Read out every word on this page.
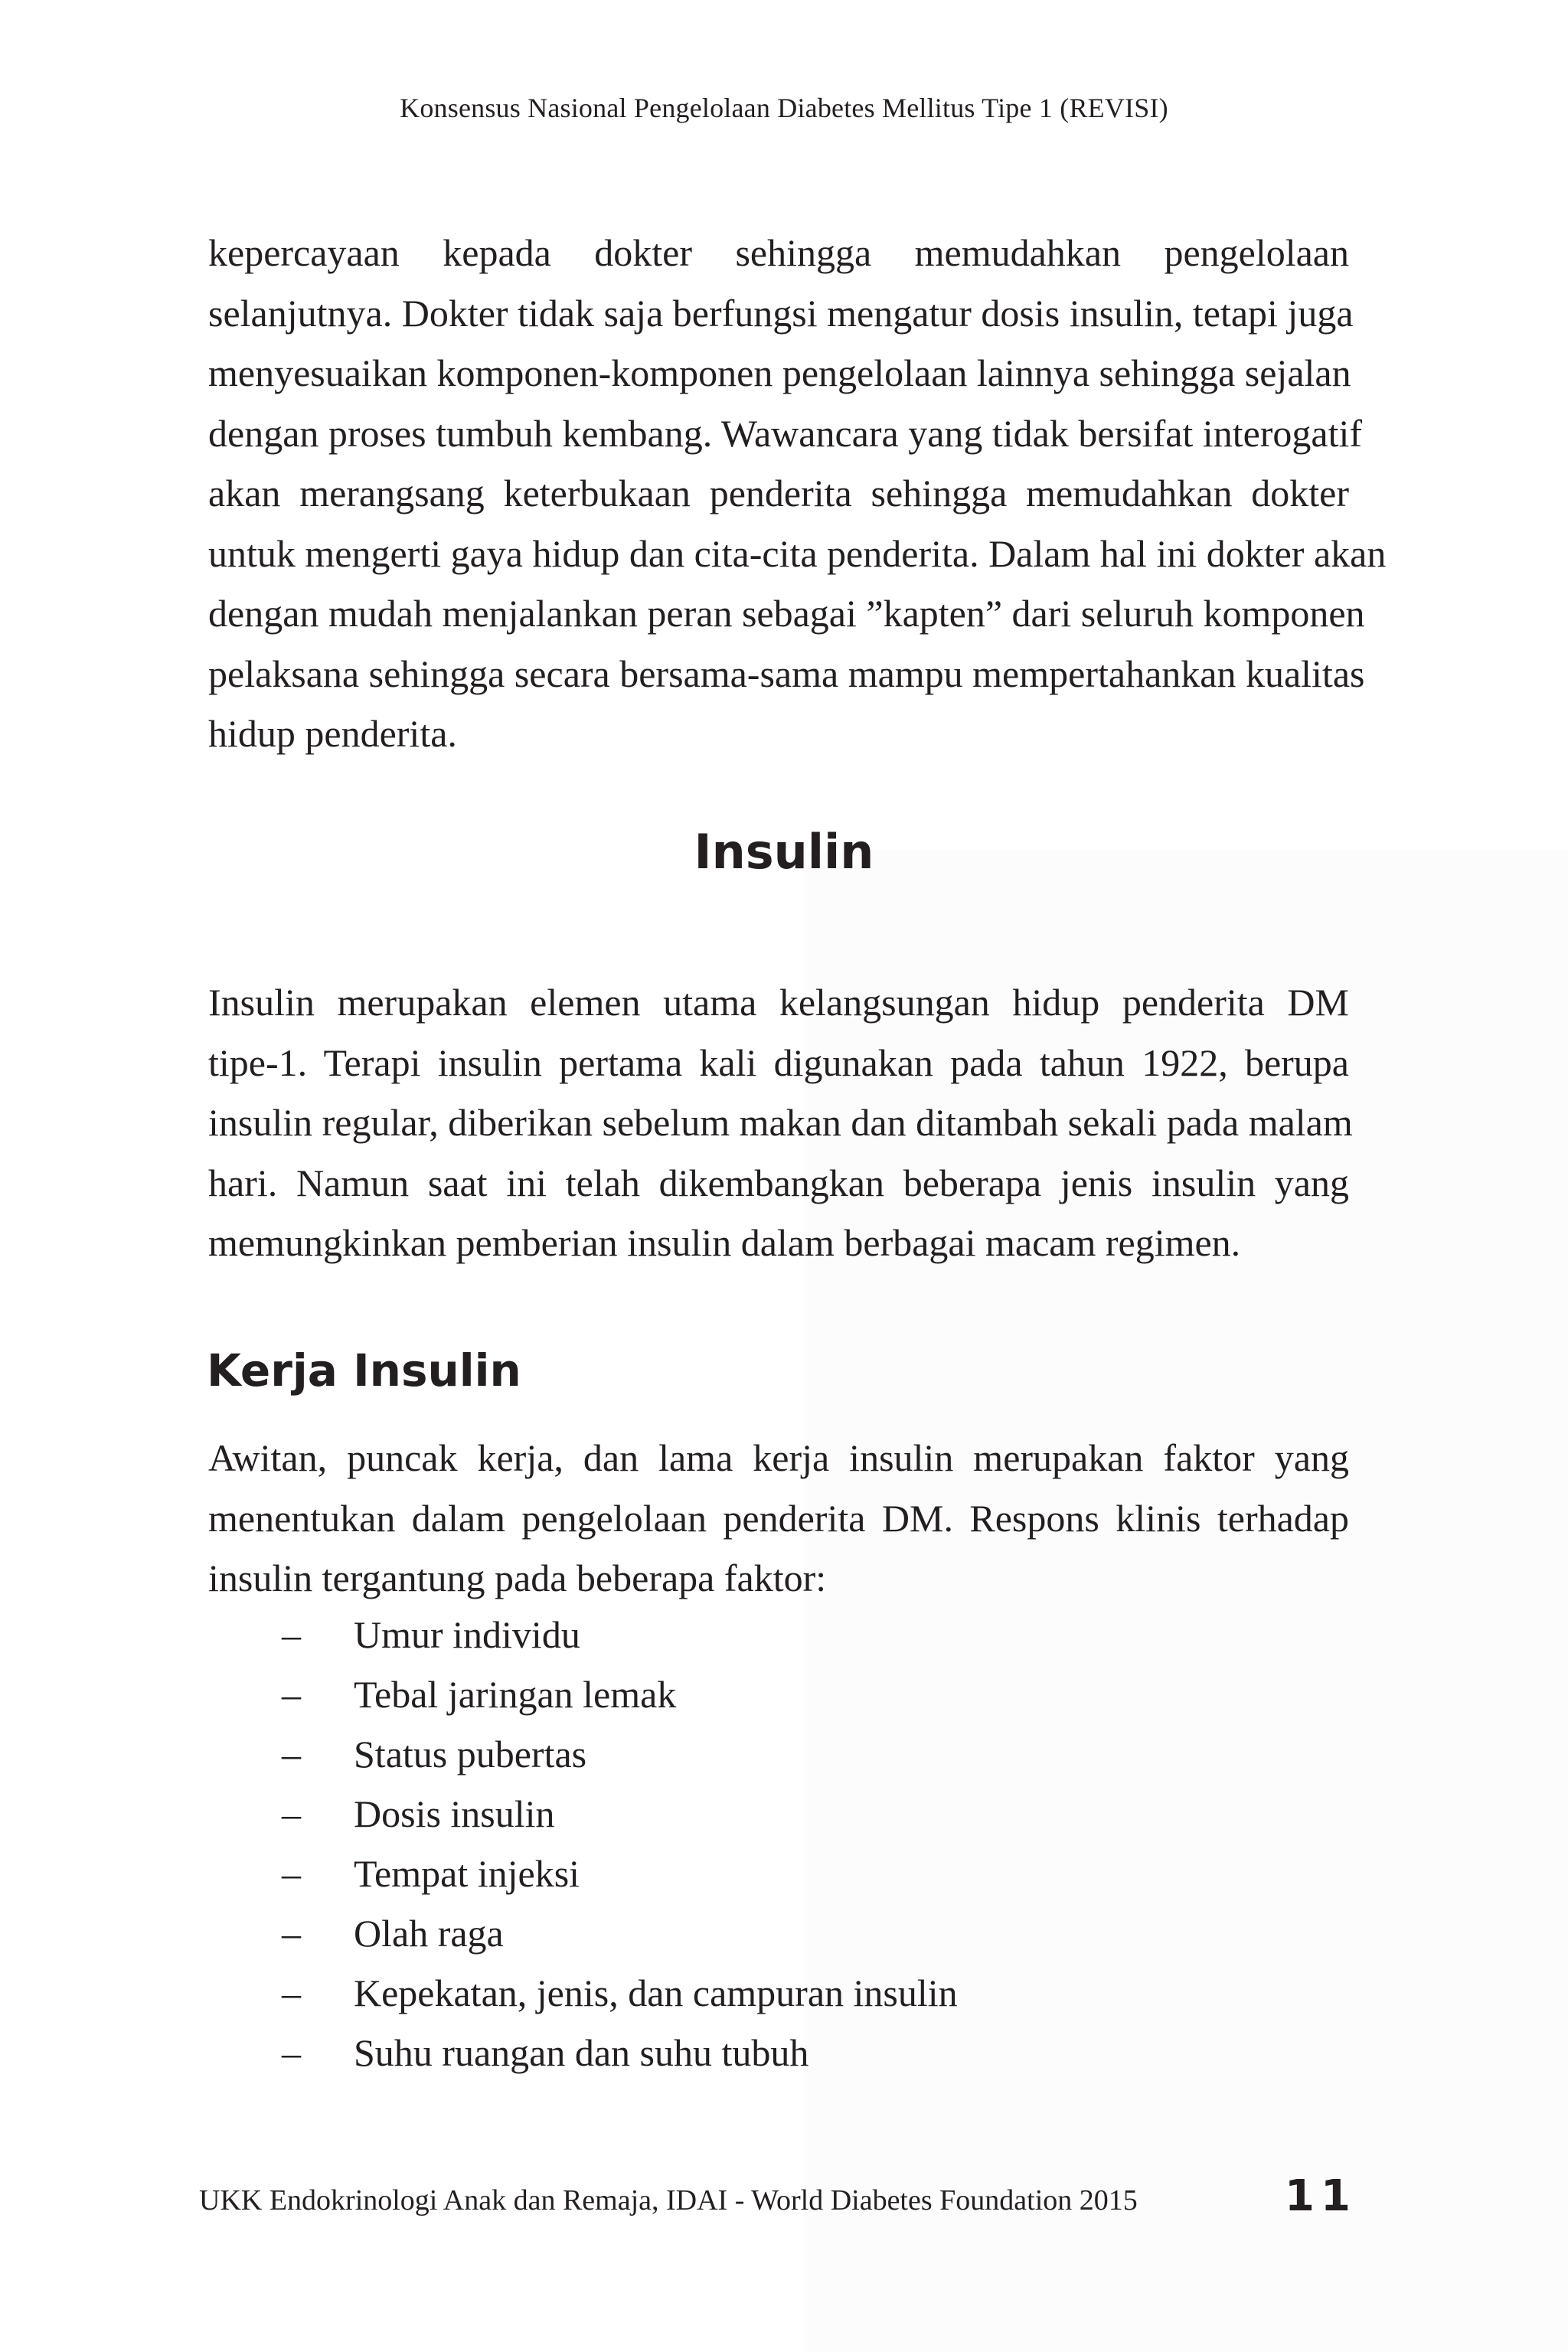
Konsensus Nasional Pengelolaan Diabetes Mellitus Tipe 1 (REVISI)

kepercayaan kepada dokter sehingga memudahkan pengelolaan
selanjutnya. Dokter tidak saja berfungsi mengatur dosis insulin, tetapi juga
menyesuaikan komponen-komponen pengelolaan lainnya sehingga sejalan
dengan proses tumbuh kembang. Wawancara yang tidak bersifat interogatif
akan merangsang keterbukaan penderita sehingga memudahkan dokter
untuk mengerti gaya hidup dan cita-cita penderita. Dalam hal ini dokter akan
dengan mudah menjalankan peran sebagai ”kapten” dari seluruh komponen
pelaksana sehingga secara bersama-sama mampu mempertahankan kualitas
hidup penderita.

Insulin

Insulin merupakan elemen utama kelangsungan hidup penderita DM
tipe-1. Terapi insulin pertama kali digunakan pada tahun 1922, berupa
insulin regular, diberikan sebelum makan dan ditambah sekali pada malam
hari. Namun saat ini telah dikembangkan beberapa jenis insulin yang
memungkinkan pemberian insulin dalam berbagai macam regimen.

Kerja Insulin

Awitan, puncak kerja, dan lama kerja insulin merupakan faktor yang
menentukan dalam pengelolaan penderita DM. Respons klinis terhadap
insulin tergantung pada beberapa faktor:

–	Umur individu
–	Tebal jaringan lemak
–	Status pubertas
–	Dosis insulin
–	Tempat injeksi
–	Olah raga
–	Kepekatan, jenis, dan campuran insulin
–	Suhu ruangan dan suhu tubuh
UKK Endokrinologi Anak dan Remaja, IDAI - World Diabetes Foundation 2015	11
